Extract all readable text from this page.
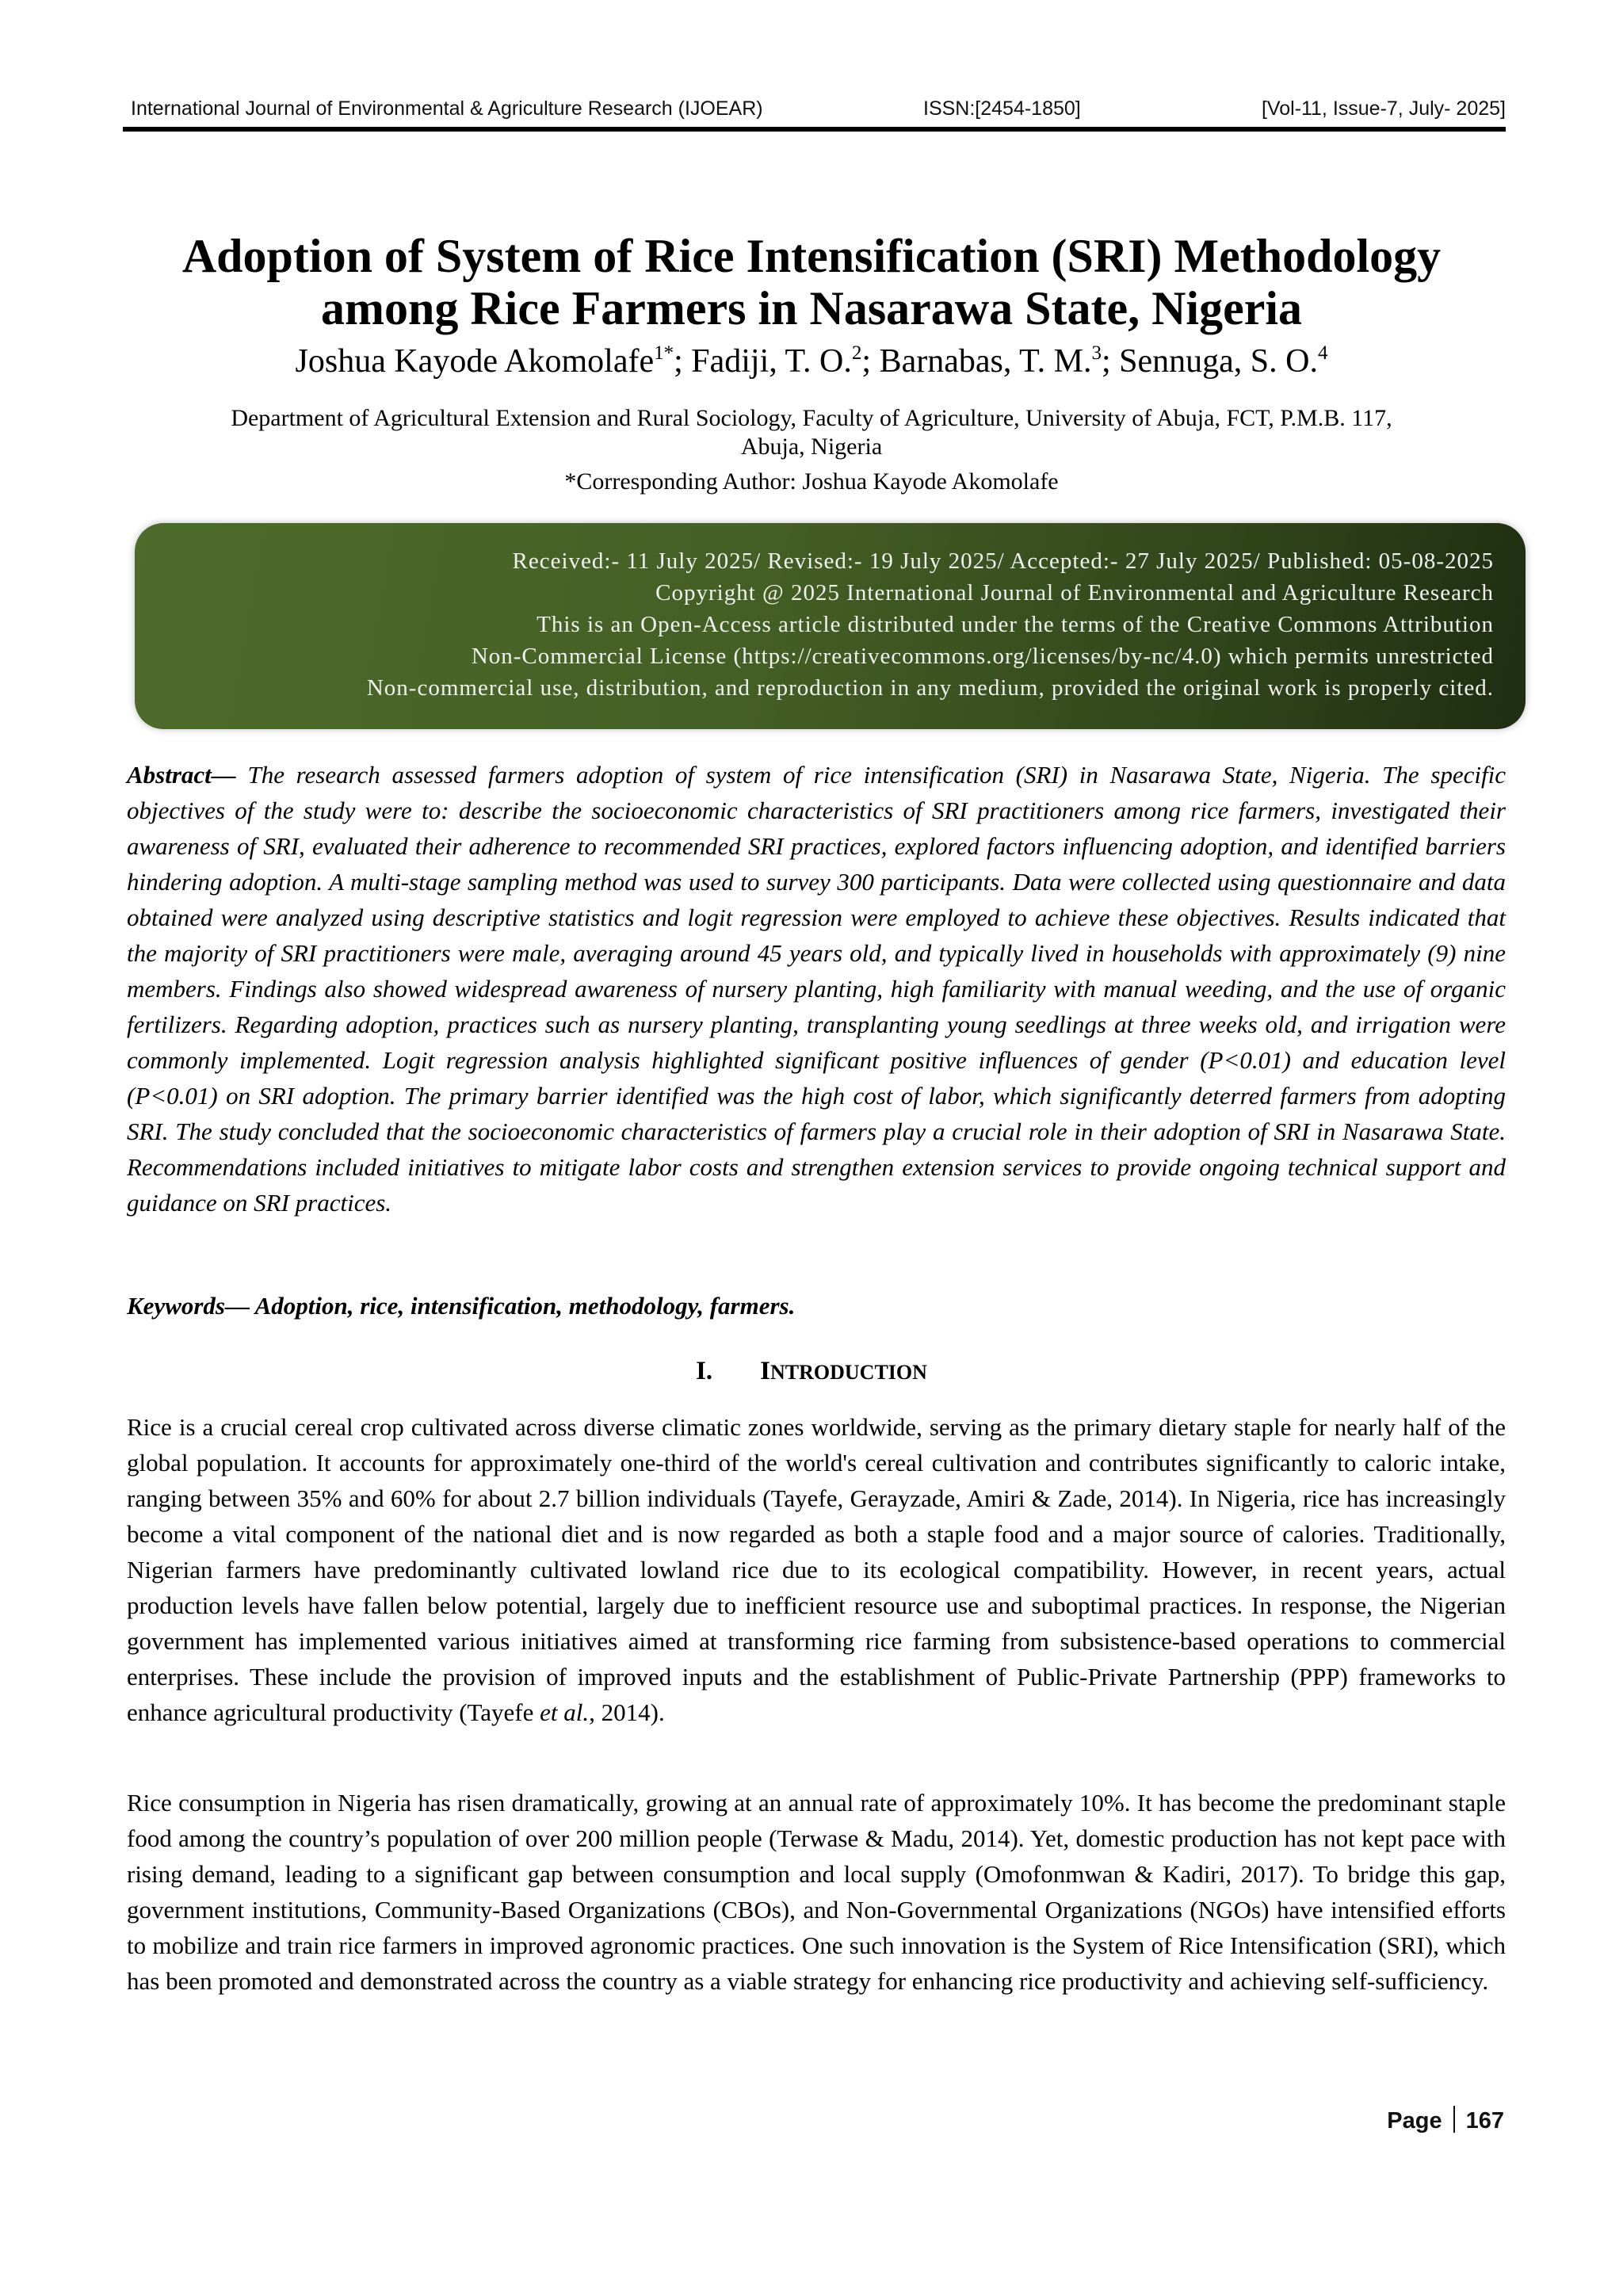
International Journal of Environmental & Agriculture Research (IJOEAR)	ISSN:[2454-1850]	[Vol-11, Issue-7, July- 2025]
Adoption of System of Rice Intensification (SRI) Methodology
among Rice Farmers in Nasarawa State, Nigeria
Joshua Kayode Akomolafe$^{1*}$; Fadiji, T. O.$^2$; Barnabas, T. M.$^3$; Sennuga, S. O.$^4$
Department of Agricultural Extension and Rural Sociology, Faculty of Agriculture, University of Abuja, FCT, P.M.B. 117,
Abuja, Nigeria
*Corresponding Author: Joshua Kayode Akomolafe
Received:- 11 July 2025/ Revised:- 19 July 2025/ Accepted:- 27 July 2025/ Published: 05-08-2025
Copyright @ 2025 International Journal of Environmental and Agriculture Research
This is an Open-Access article distributed under the terms of the Creative Commons Attribution
Non-Commercial License (https://creativecommons.org/licenses/by-nc/4.0) which permits unrestricted
Non-commercial use, distribution, and reproduction in any medium, provided the original work is properly cited.
Abstract— The research assessed farmers adoption of system of rice intensification (SRI) in Nasarawa State, Nigeria. The specific objectives of the study were to: describe the socioeconomic characteristics of SRI practitioners among rice farmers, investigated their awareness of SRI, evaluated their adherence to recommended SRI practices, explored factors influencing adoption, and identified barriers hindering adoption. A multi-stage sampling method was used to survey 300 participants. Data were collected using questionnaire and data obtained were analyzed using descriptive statistics and logit regression were employed to achieve these objectives. Results indicated that the majority of SRI practitioners were male, averaging around 45 years old, and typically lived in households with approximately (9) nine members. Findings also showed widespread awareness of nursery planting, high familiarity with manual weeding, and the use of organic fertilizers. Regarding adoption, practices such as nursery planting, transplanting young seedlings at three weeks old, and irrigation were commonly implemented. Logit regression analysis highlighted significant positive influences of gender (P<0.01) and education level (P<0.01) on SRI adoption. The primary barrier identified was the high cost of labor, which significantly deterred farmers from adopting SRI. The study concluded that the socioeconomic characteristics of farmers play a crucial role in their adoption of SRI in Nasarawa State. Recommendations included initiatives to mitigate labor costs and strengthen extension services to provide ongoing technical support and guidance on SRI practices.
Keywords— Adoption, rice, intensification, methodology, farmers.
I. INTRODUCTION
Rice is a crucial cereal crop cultivated across diverse climatic zones worldwide, serving as the primary dietary staple for nearly half of the global population. It accounts for approximately one-third of the world's cereal cultivation and contributes significantly to caloric intake, ranging between 35% and 60% for about 2.7 billion individuals (Tayefe, Gerayzade, Amiri & Zade, 2014). In Nigeria, rice has increasingly become a vital component of the national diet and is now regarded as both a staple food and a major source of calories. Traditionally, Nigerian farmers have predominantly cultivated lowland rice due to its ecological compatibility. However, in recent years, actual production levels have fallen below potential, largely due to inefficient resource use and suboptimal practices. In response, the Nigerian government has implemented various initiatives aimed at transforming rice farming from subsistence-based operations to commercial enterprises. These include the provision of improved inputs and the establishment of Public-Private Partnership (PPP) frameworks to enhance agricultural productivity (Tayefe et al., 2014).
Rice consumption in Nigeria has risen dramatically, growing at an annual rate of approximately 10%. It has become the predominant staple food among the country’s population of over 200 million people (Terwase & Madu, 2014). Yet, domestic production has not kept pace with rising demand, leading to a significant gap between consumption and local supply (Omofonmwan & Kadiri, 2017). To bridge this gap, government institutions, Community-Based Organizations (CBOs), and Non-Governmental Organizations (NGOs) have intensified efforts to mobilize and train rice farmers in improved agronomic practices. One such innovation is the System of Rice Intensification (SRI), which has been promoted and demonstrated across the country as a viable strategy for enhancing rice productivity and achieving self-sufficiency.
Page 167
